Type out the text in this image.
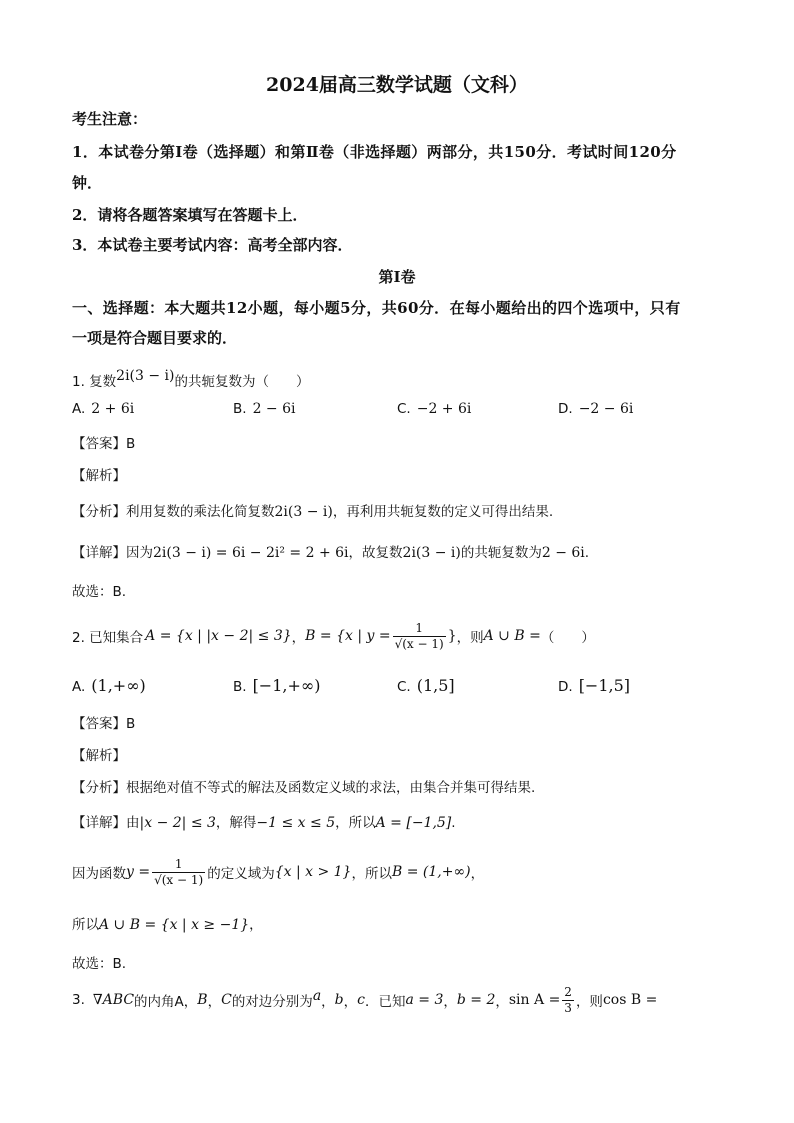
2024届高三数学试题（文科）
考生注意：
1．本试卷分第Ⅰ卷（选择题）和第Ⅱ卷（非选择题）两部分，共150分．考试时间120分
钟．
2．请将各题答案填写在答题卡上．
3．本试卷主要考试内容：高考全部内容．
第Ⅰ卷
一、选择题：本大题共12小题，每小题5分，共60分．在每小题给出的四个选项中，只有
一项是符合题目要求的．
1. 复数2i(3 − i)的共轭复数为（　　）
A. 2 + 6i	B. 2 − 6i	C. −2 + 6i	D. −2 − 6i
【答案】B
【解析】
【分析】利用复数的乘法化简复数2i(3 − i)，再利用共轭复数的定义可得出结果.
【详解】因为2i(3 − i) = 6i − 2i² = 2 + 6i，故复数2i(3 − i)的共轭复数为2 − 6i.
故选：B.
2. 已知集合 A = {x | |x − 2| ≤ 3} ， B = {x | $y = \frac{1}{√(x - 1)}$ } ，则 A ∪ B = （　　）
A. (1,+∞)	B. [−1,+∞)	C. (1,5]	D. [−1,5]
【答案】B
【解析】
【分析】根据绝对值不等式的解法及函数定义域的求法，由集合并集可得结果.
【详解】由|x − 2| ≤ 3，解得−1 ≤ x ≤ 5，所以A = [−1,5].
因为函数 $y = \frac{1}{√(x - 1)}$ 的定义域为 {x | x > 1} ，所以 B = (1,+∞) ，
所以A ∪ B = {x | x ≥ −1}，
故选：B.
3. ∇ABC 的内角A， B ， C 的对边分别为 a ， b ， c ．已知 a = 3 ， b = 2 ， $\sin A = \frac{2}{3}$ ，则 cos B =
